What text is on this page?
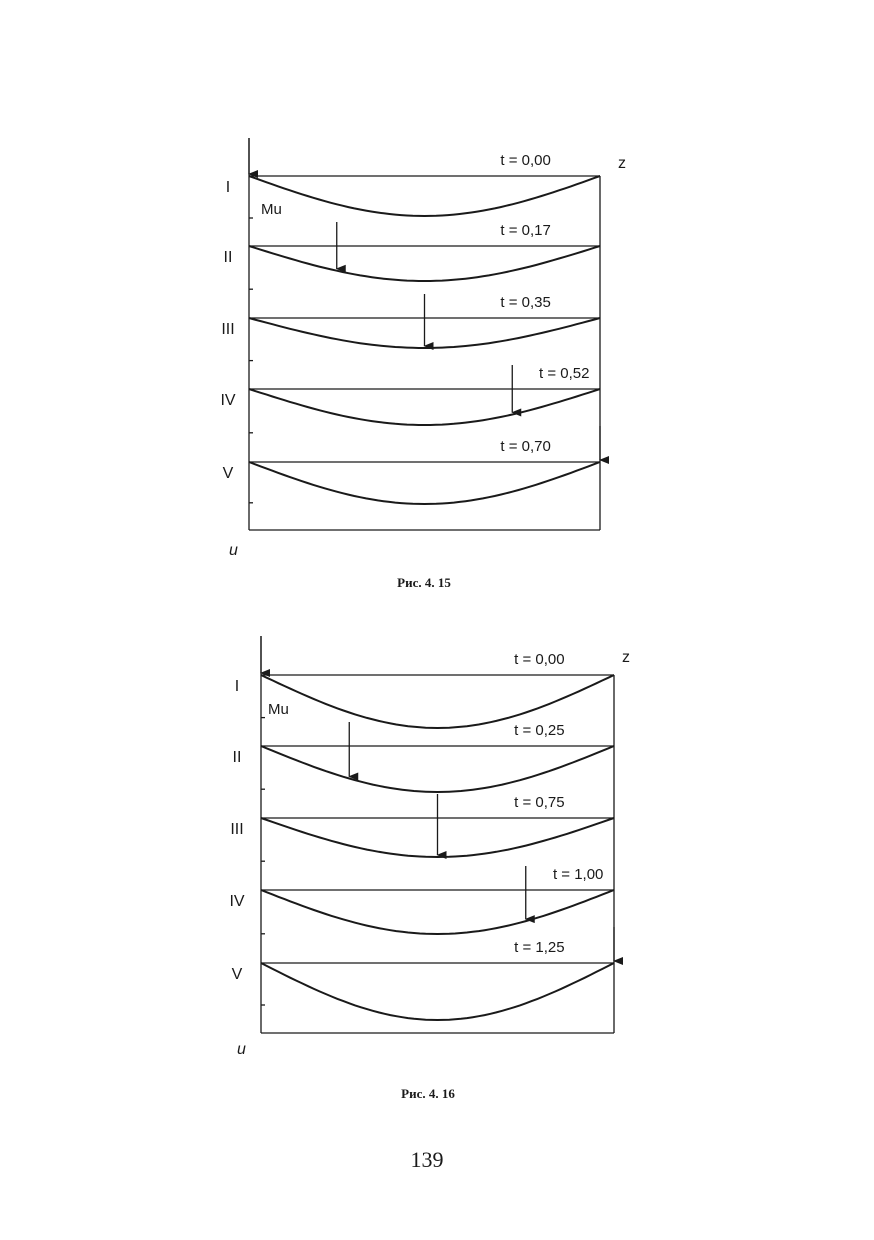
z
u
Mu
I
t = 0,00
II
t = 0,17
III
t = 0,35
IV
t = 0,52
V
t = 0,70
Рис. 4. 15
z
u
Mu
I
t = 0,00
II
t = 0,25
III
t = 0,75
IV
t = 1,00
V
t = 1,25
Рис. 4. 16
139
